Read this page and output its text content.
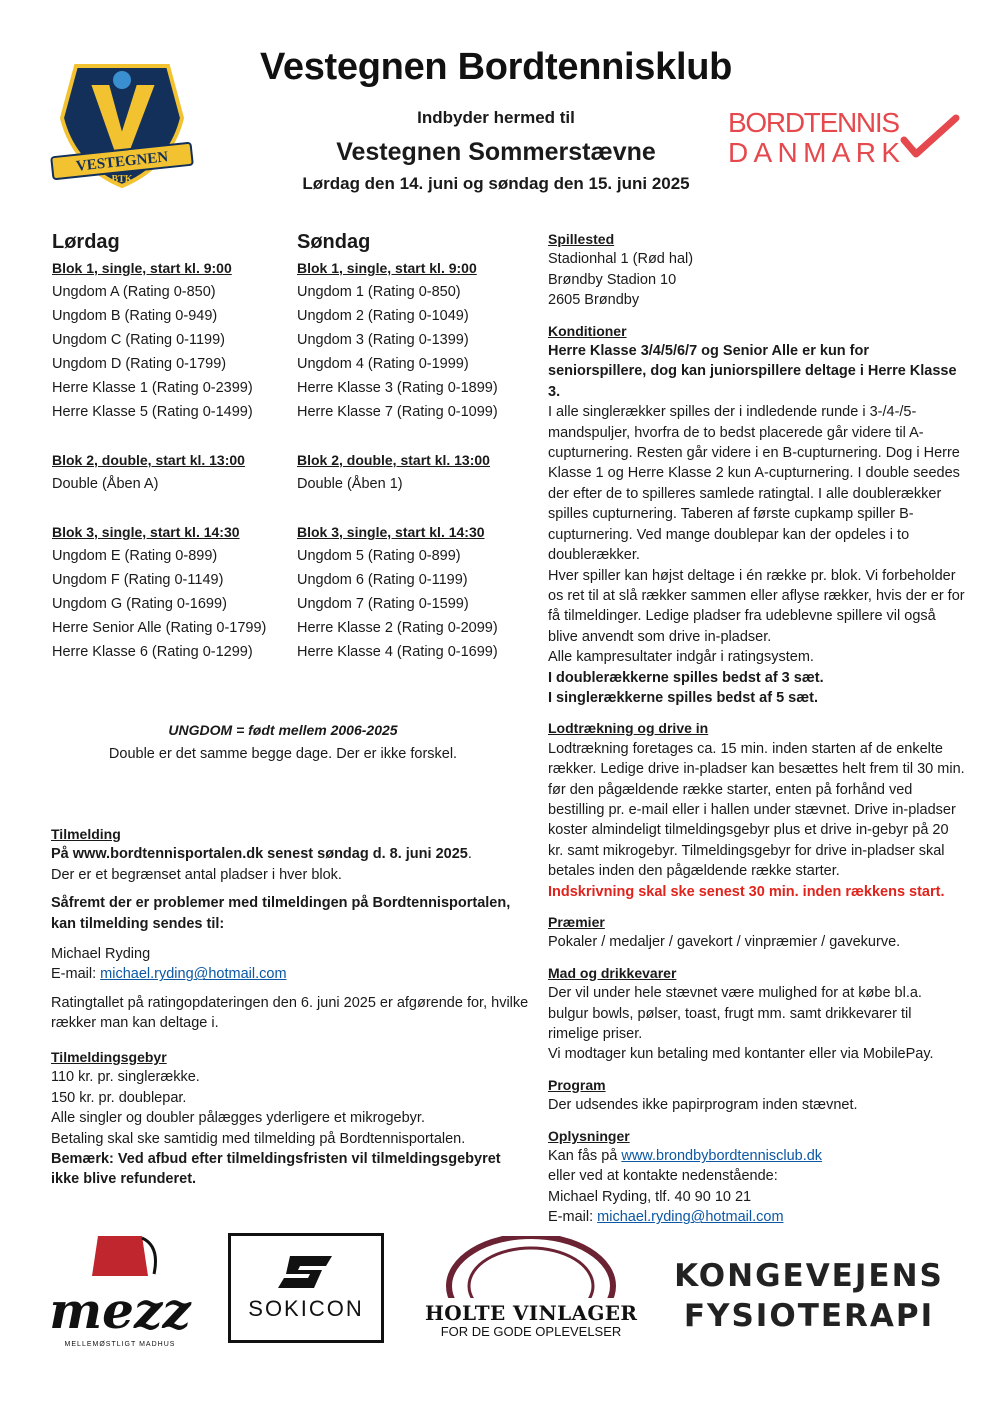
VESTEGNEN
BTK
Vestegnen Bordtennisklub
Indbyder hermed til
Vestegnen Sommerstævne
Lørdag den 14. juni og søndag den 15. juni 2025
BORDTENNIS
DANMARK
Lørdag
Blok 1, single, start kl. 9:00
Ungdom A (Rating 0-850)
Ungdom B (Rating 0-949)
Ungdom C (Rating 0-1199)
Ungdom D (Rating 0-1799)
Herre Klasse 1 (Rating 0-2399)
Herre Klasse 5 (Rating 0-1499)
Blok 2, double, start kl. 13:00
Double (Åben A)
Blok 3, single, start kl. 14:30
Ungdom E (Rating 0-899)
Ungdom F (Rating 0-1149)
Ungdom G (Rating 0-1699)
Herre Senior Alle (Rating 0-1799)
Herre Klasse 6 (Rating 0-1299)
Søndag
Blok 1, single, start kl. 9:00
Ungdom 1 (Rating 0-850)
Ungdom 2 (Rating 0-1049)
Ungdom 3 (Rating 0-1399)
Ungdom 4 (Rating 0-1999)
Herre Klasse 3 (Rating 0-1899)
Herre Klasse 7 (Rating 0-1099)
Blok 2, double, start kl. 13:00
Double (Åben 1)
Blok 3, single, start kl. 14:30
Ungdom 5 (Rating 0-899)
Ungdom 6 (Rating 0-1199)
Ungdom 7 (Rating 0-1599)
Herre Klasse 2 (Rating 0-2099)
Herre Klasse 4 (Rating 0-1699)
UNGDOM = født mellem 2006-2025
Double er det samme begge dage. Der er ikke forskel.
Tilmelding
På www.bordtennisportalen.dk senest søndag d. 8. juni 2025.
Der er et begrænset antal pladser i hver blok.
Såfremt der er problemer med tilmeldingen på Bordtennisportalen, kan tilmelding sendes til:
Michael Ryding
E-mail: michael.ryding@hotmail.com
Ratingtallet på ratingopdateringen den 6. juni 2025 er afgørende for, hvilke rækker man kan deltage i.
Tilmeldingsgebyr
110 kr. pr. singlerække.
150 kr. pr. doublepar.
Alle singler og doubler pålægges yderligere et mikrogebyr.
Betaling skal ske samtidig med tilmelding på Bordtennisportalen.
Bemærk: Ved afbud efter tilmeldingsfristen vil tilmeldingsgebyret ikke blive refunderet.
Spillested
Stadionhal 1 (Rød hal)
Brøndby Stadion 10
2605 Brøndby
Konditioner
Herre Klasse 3/4/5/6/7 og Senior Alle er kun for seniorspillere, dog kan juniorspillere deltage i Herre Klasse 3.
I alle singlerækker spilles der i indledende runde i 3-/4-/5-mandspuljer, hvorfra de to bedst placerede går videre til A-cupturnering. Resten går videre i en B-cupturnering. Dog i Herre Klasse 1 og Herre Klasse 2 kun A-cupturnering. I double seedes der efter de to spilleres samlede ratingtal. I alle doublerækker spilles cupturnering. Taberen af første cupkamp spiller B-cupturnering. Ved mange doublepar kan der opdeles i to doublerækker.
Hver spiller kan højst deltage i én række pr. blok. Vi forbeholder os ret til at slå rækker sammen eller aflyse rækker, hvis der er for få tilmeldinger. Ledige pladser fra udeblevne spillere vil også blive anvendt som drive in-pladser.
Alle kampresultater indgår i ratingsystem.
I doublerækkerne spilles bedst af 3 sæt.
I singlerækkerne spilles bedst af 5 sæt.
Lodtrækning og drive in
Lodtrækning foretages ca. 15 min. inden starten af de enkelte rækker. Ledige drive in-pladser kan besættes helt frem til 30 min. før den pågældende række starter, enten på forhånd ved bestilling pr. e-mail eller i hallen under stævnet. Drive in-pladser koster almindeligt tilmeldingsgebyr plus et drive in-gebyr på 20 kr. samt mikrogebyr. Tilmeldingsgebyr for drive in-pladser skal betales inden den pågældende række starter.
Indskrivning skal ske senest 30 min. inden rækkens start.
Præmier
Pokaler / medaljer / gavekort / vinpræmier / gavekurve.
Mad og drikkevarer
Der vil under hele stævnet være mulighed for at købe bl.a. bulgur bowls, pølser, toast, frugt mm. samt drikkevarer til rimelige priser.
Vi modtager kun betaling med kontanter eller via MobilePay.
Program
Der udsendes ikke papirprogram inden stævnet.
Oplysninger
Kan fås på www.brondbybordtennisclub.dk
eller ved at kontakte nedenstående:
Michael Ryding, tlf. 40 90 10 21
E-mail: michael.ryding@hotmail.com
mezz
MELLEMØSTLIGT MADHUS
SOKICON	HOLTE VINLAGER
FOR DE GODE OPLEVELSER
KONGEVEJENS
FYSIOTERAPI
